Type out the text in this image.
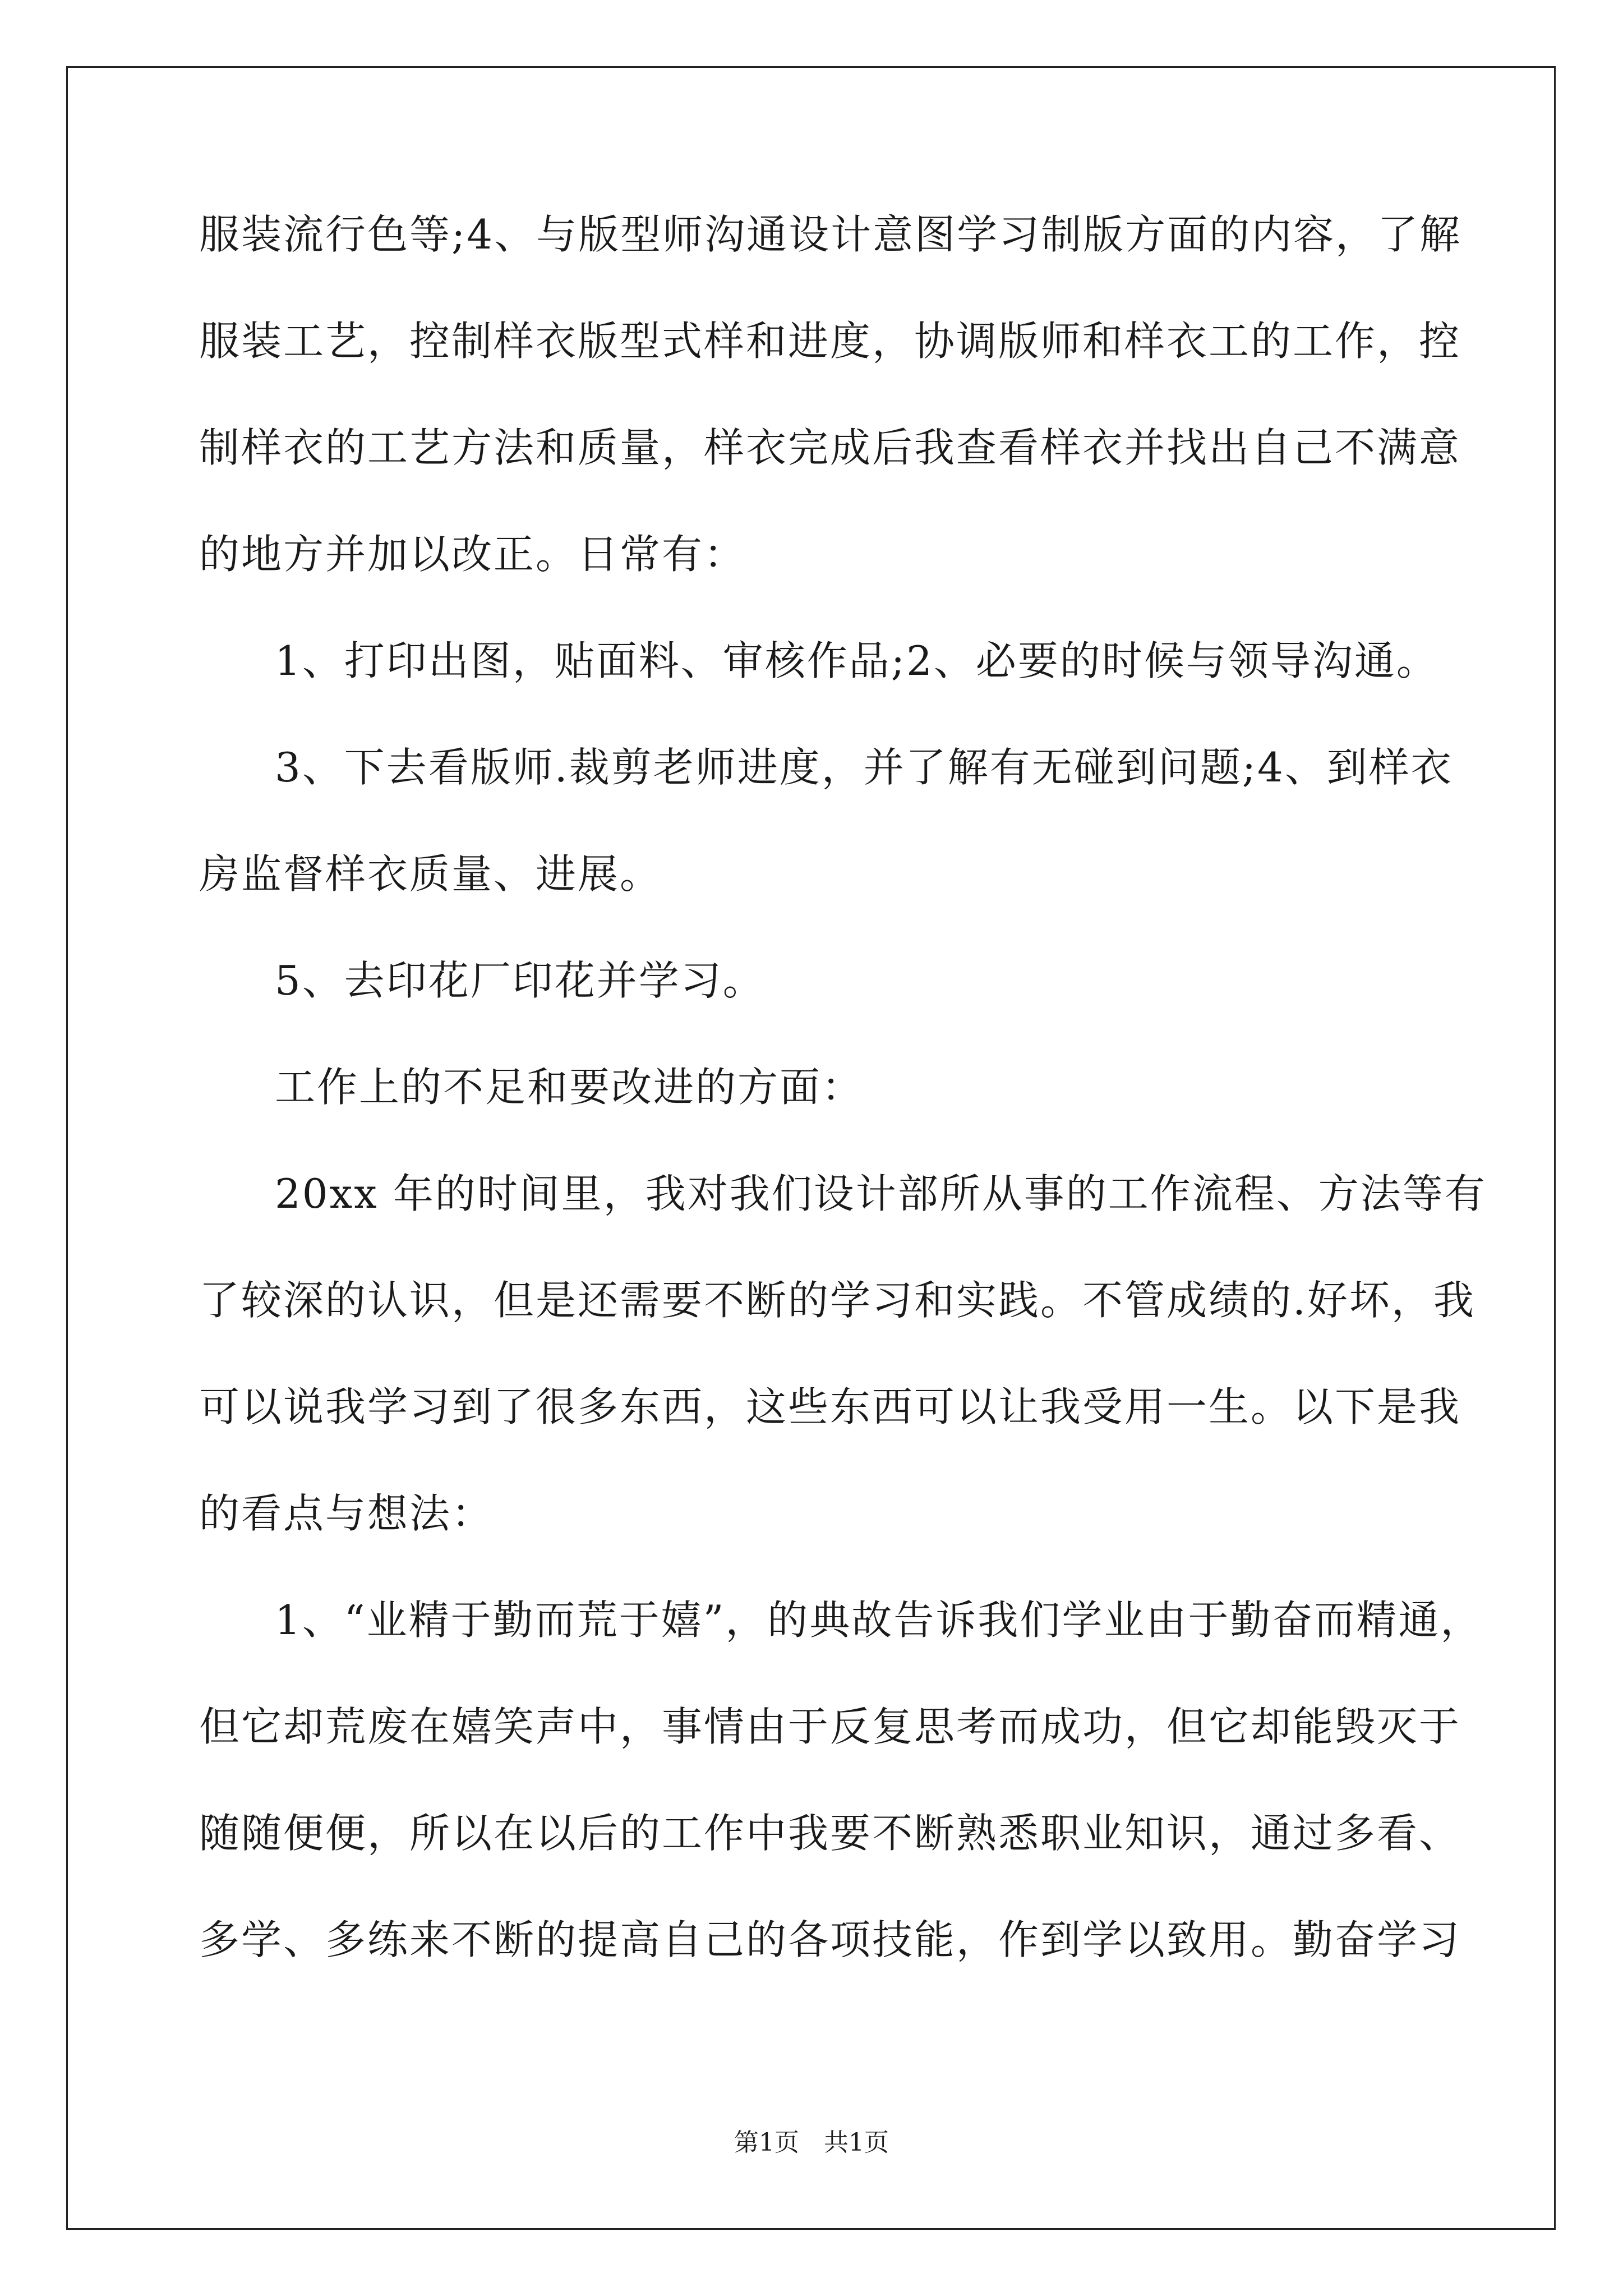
服装流行色等;4、与版型师沟通设计意图学习制版方面的内容，了解
服装工艺，控制样衣版型式样和进度，协调版师和样衣工的工作，控
制样衣的工艺方法和质量，样衣完成后我查看样衣并找出自己不满意
的地方并加以改正。日常有：
1、打印出图，贴面料、审核作品;2、必要的时候与领导沟通。
3、下去看版师.裁剪老师进度，并了解有无碰到问题;4、到样衣
房监督样衣质量、进展。
5、去印花厂印花并学习。
工作上的不足和要改进的方面：
20xx 年的时间里，我对我们设计部所从事的工作流程、方法等有
了较深的认识，但是还需要不断的学习和实践。不管成绩的.好坏，我
可以说我学习到了很多东西，这些东西可以让我受用一生。以下是我
的看点与想法：
1、“业精于勤而荒于嬉”，的典故告诉我们学业由于勤奋而精通，
但它却荒废在嬉笑声中，事情由于反复思考而成功，但它却能毁灭于
随随便便，所以在以后的工作中我要不断熟悉职业知识，通过多看、
多学、多练来不断的提高自己的各项技能，作到学以致用。勤奋学习
第1页　共1页
